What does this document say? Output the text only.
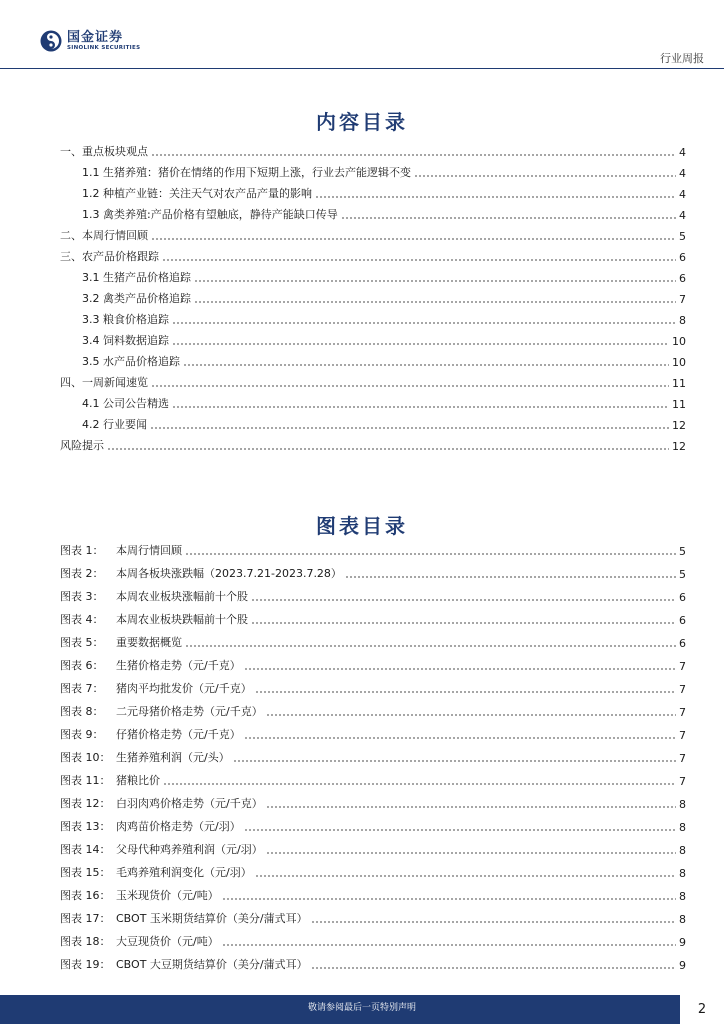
国金证券
SINOLINK SECURITIES
行业周报
内容目录
一、重点板块观点	4
1.1 生猪养殖：猪价在情绪的作用下短期上涨，行业去产能逻辑不变	4
1.2 种植产业链：关注天气对农产品产量的影响	4
1.3 禽类养殖:产品价格有望触底，静待产能缺口传导	4
二、本周行情回顾	5
三、农产品价格跟踪	6
3.1 生猪产品价格追踪	6
3.2 禽类产品价格追踪	7
3.3 粮食价格追踪	8
3.4 饲料数据追踪	10
3.5 水产品价格追踪	10
四、一周新闻速览	11
4.1 公司公告精选	11
4.2 行业要闻	12
风险提示	12
图表目录
图表 1：	本周行情回顾	5
图表 2：	本周各板块涨跌幅（2023.7.21-2023.7.28）	5
图表 3：	本周农业板块涨幅前十个股	6
图表 4：	本周农业板块跌幅前十个股	6
图表 5：	重要数据概览	6
图表 6：	生猪价格走势（元/千克）	7
图表 7：	猪肉平均批发价（元/千克）	7
图表 8：	二元母猪价格走势（元/千克）	7
图表 9：	仔猪价格走势（元/千克）	7
图表 10： 生猪养殖利润（元/头）	7
图表 11： 猪粮比价	7
图表 12： 白羽肉鸡价格走势（元/千克）	8
图表 13： 肉鸡苗价格走势（元/羽）	8
图表 14： 父母代种鸡养殖利润（元/羽）	8
图表 15： 毛鸡养殖利润变化（元/羽）	8
图表 16： 玉米现货价（元/吨）	8
图表 17： CBOT 玉米期货结算价（美分/蒲式耳）	8
图表 18： 大豆现货价（元/吨）	9
图表 19： CBOT 大豆期货结算价（美分/蒲式耳）	9
敬请参阅最后一页特别声明	2
